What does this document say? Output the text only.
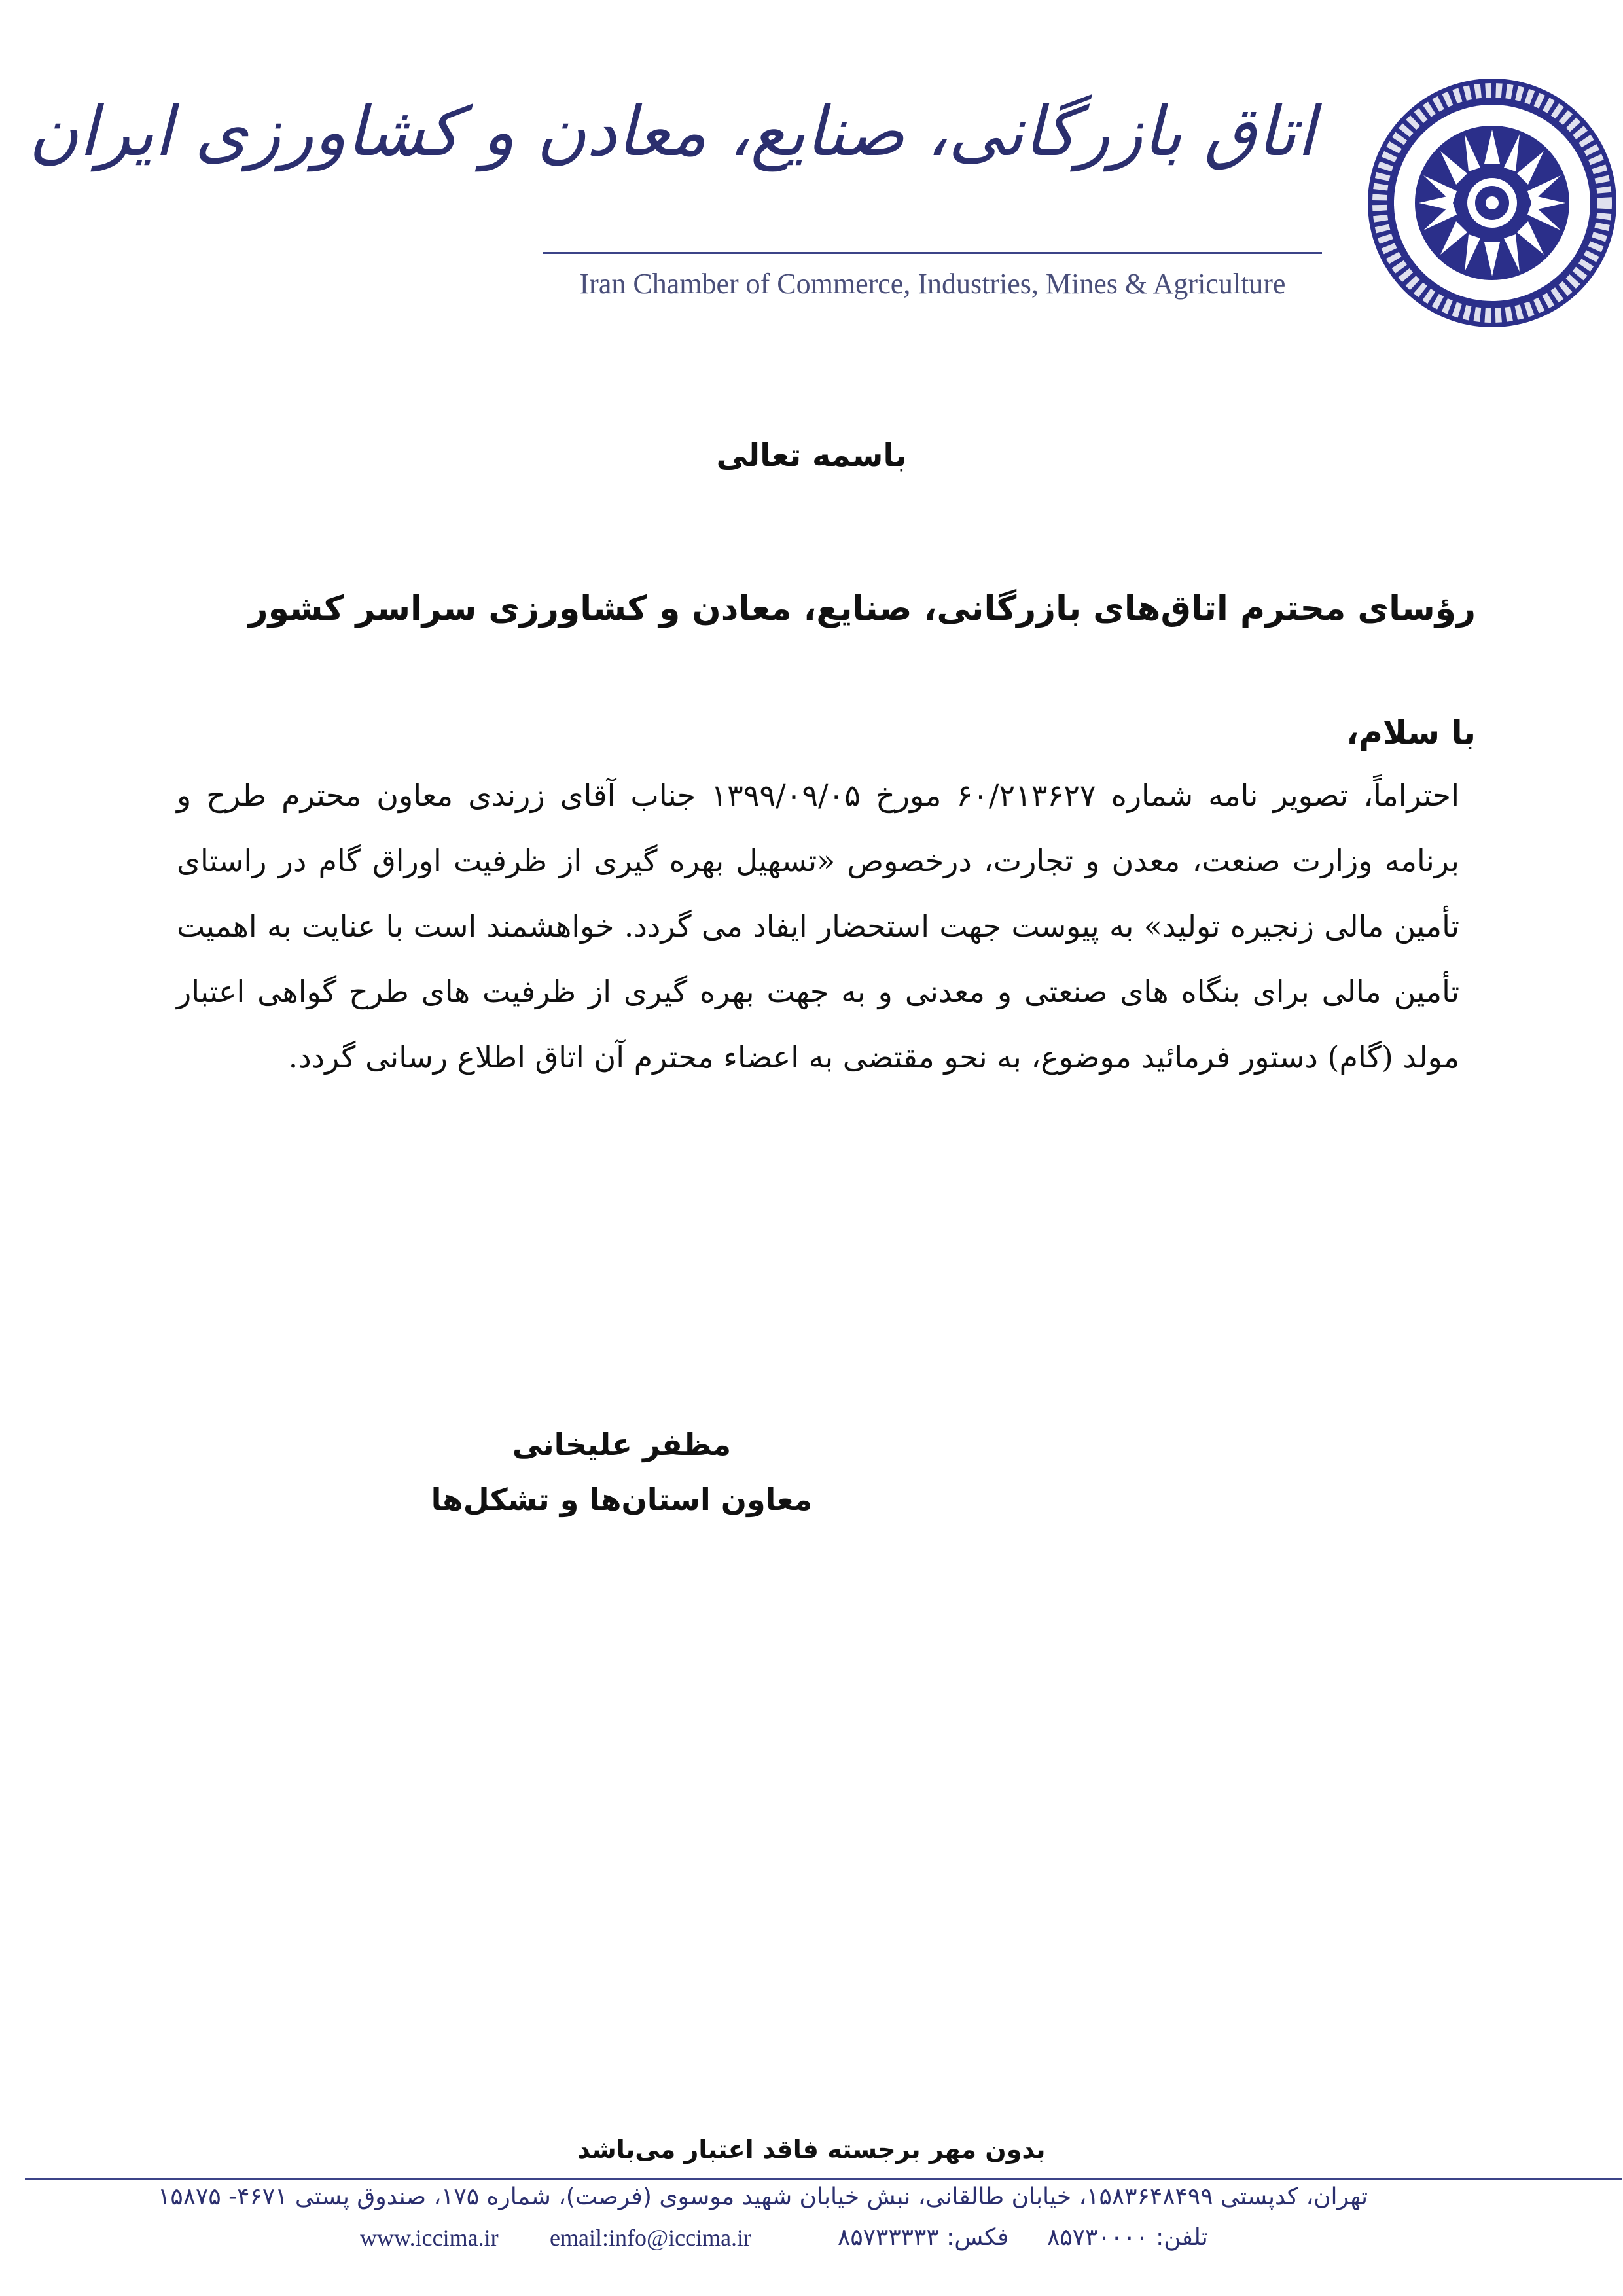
اتاق بازرگانی، صنایع، معادن و کشاورزی ایران
Iran Chamber of Commerce, Industries, Mines & Agriculture
باسمه تعالی
رؤسای محترم اتاق‌های بازرگانی، صنایع، معادن و کشاورزی سراسر کشور
با سلام،
احتراماً، تصویر نامه شماره ۶۰/۲۱۳۶۲۷ مورخ ۱۳۹۹/۰۹/۰۵ جناب آقای زرندی معاون محترم طرح و برنامه وزارت صنعت، معدن و تجارت، درخصوص «تسهیل بهره گیری از ظرفیت اوراق گام در راستای تأمین مالی زنجیره تولید» به پیوست جهت استحضار ایفاد می گردد. خواهشمند است با عنایت به اهمیت تأمین مالی برای بنگاه های صنعتی و معدنی و به جهت بهره گیری از ظرفیت های طرح گواهی اعتبار مولد (گام) دستور فرمائید موضوع، به نحو مقتضی به اعضاء محترم آن اتاق اطلاع رسانی گردد.
مظفر علیخانی
معاون استان‌ها و تشکل‌ها
بدون مهر برجسته فاقد اعتبار می‌باشد
تهران، کدپستی ۱۵۸۳۶۴۸۴۹۹، خیابان طالقانی، نبش خیابان شهید موسوی (فرصت)، شماره ۱۷۵، صندوق پستی ۴۶۷۱- ۱۵۸۷۵
www.iccima.ir email:info@iccima.ir	فکس: ۸۵۷۳۳۳۳۳ تلفن: ۸۵۷۳۰۰۰۰
